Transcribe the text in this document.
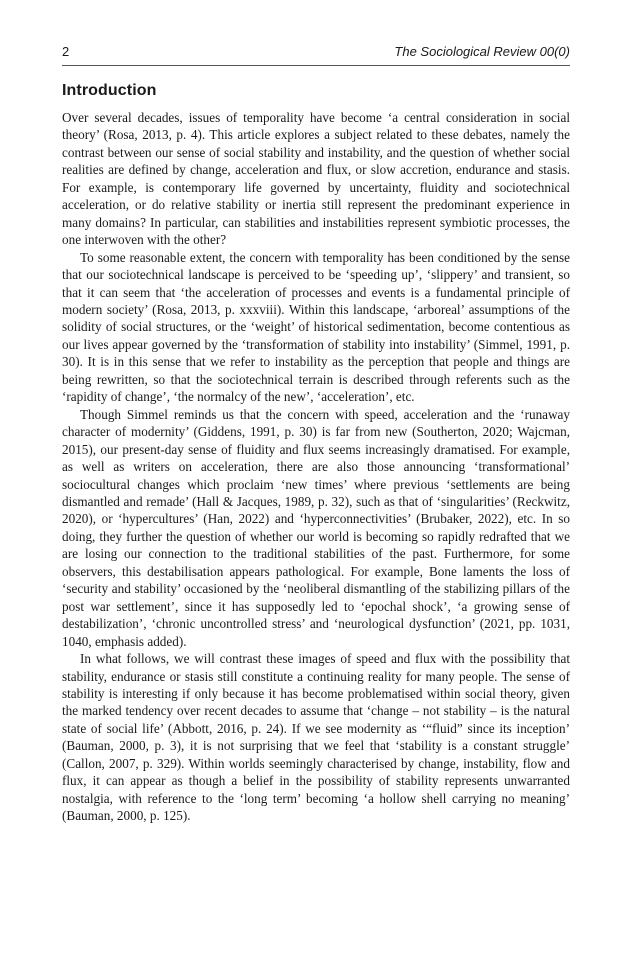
2	The Sociological Review 00(0)
Introduction

Over several decades, issues of temporality have become ‘a central consideration in social theory’ (Rosa, 2013, p. 4). This article explores a subject related to these debates, namely the contrast between our sense of social stability and instability, and the question of whether social realities are defined by change, acceleration and flux, or slow accretion, endurance and stasis. For example, is contemporary life governed by uncertainty, fluidity and sociotechnical acceleration, or do relative stability or inertia still represent the predominant experience in many domains? In particular, can stabilities and instabilities represent symbiotic processes, the one interwoven with the other?

To some reasonable extent, the concern with temporality has been conditioned by the sense that our sociotechnical landscape is perceived to be ‘speeding up’, ‘slippery’ and transient, so that it can seem that ‘the acceleration of processes and events is a fundamental principle of modern society’ (Rosa, 2013, p. xxxviii). Within this landscape, ‘arboreal’ assumptions of the solidity of social structures, or the ‘weight’ of historical sedimentation, become contentious as our lives appear governed by the ‘transformation of stability into instability’ (Simmel, 1991, p. 30). It is in this sense that we refer to instability as the perception that people and things are being rewritten, so that the sociotechnical terrain is described through referents such as the ‘rapidity of change’, ‘the normalcy of the new’, ‘acceleration’, etc.

Though Simmel reminds us that the concern with speed, acceleration and the ‘runaway character of modernity’ (Giddens, 1991, p. 30) is far from new (Southerton, 2020; Wajcman, 2015), our present-day sense of fluidity and flux seems increasingly dramatised. For example, as well as writers on acceleration, there are also those announcing ‘transformational’ sociocultural changes which proclaim ‘new times’ where previous ‘settlements are being dismantled and remade’ (Hall & Jacques, 1989, p. 32), such as that of ‘singularities’ (Reckwitz, 2020), or ‘hypercultures’ (Han, 2022) and ‘hyperconnectivities’ (Brubaker, 2022), etc. In so doing, they further the question of whether our world is becoming so rapidly redrafted that we are losing our connection to the traditional stabilities of the past. Furthermore, for some observers, this destabilisation appears pathological. For example, Bone laments the loss of ‘security and stability’ occasioned by the ‘neoliberal dismantling of the stabilizing pillars of the post war settlement’, since it has supposedly led to ‘epochal shock’, ‘a growing sense of destabilization’, ‘chronic uncontrolled stress’ and ‘neurological dysfunction’ (2021, pp. 1031, 1040, emphasis added).

In what follows, we will contrast these images of speed and flux with the possibility that stability, endurance or stasis still constitute a continuing reality for many people. The sense of stability is interesting if only because it has become problematised within social theory, given the marked tendency over recent decades to assume that ‘change – not stability – is the natural state of social life’ (Abbott, 2016, p. 24). If we see modernity as ‘“fluid” since its inception’ (Bauman, 2000, p. 3), it is not surprising that we feel that ‘stability is a constant struggle’ (Callon, 2007, p. 329). Within worlds seemingly characterised by change, instability, flow and flux, it can appear as though a belief in the possibility of stability represents unwarranted nostalgia, with reference to the ‘long term’ becoming ‘a hollow shell carrying no meaning’ (Bauman, 2000, p. 125).
